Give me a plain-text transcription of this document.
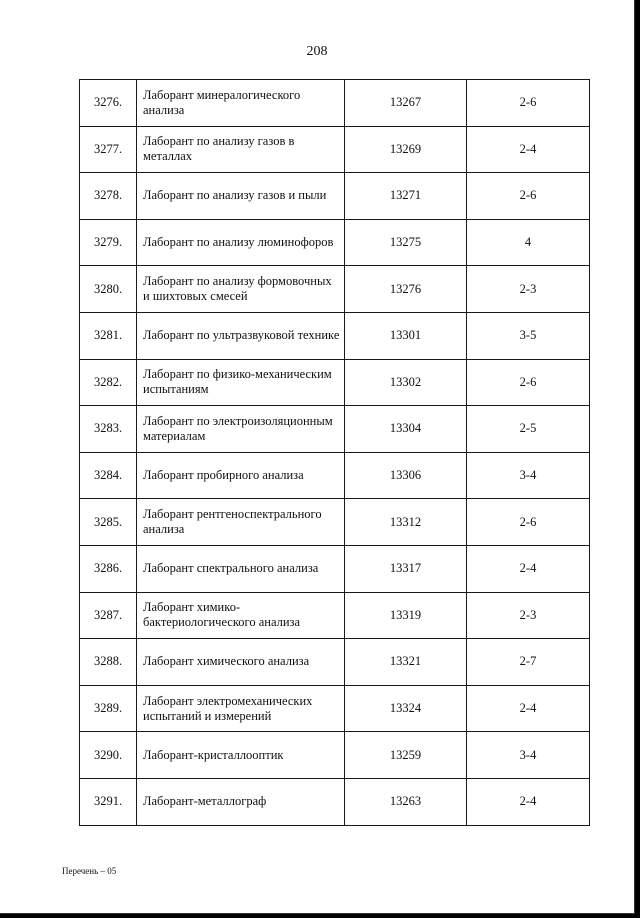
208
3276.	Лаборант минералогического анализа	13267	2-6
3277.	Лаборант по анализу газов в металлах	13269	2-4
3278.	Лаборант по анализу газов и пыли	13271	2-6
3279.	Лаборант по анализу люминофоров	13275	4
3280.	Лаборант по анализу формовочных и шихтовых смесей	13276	2-3
3281.	Лаборант по ультразвуковой технике	13301	3-5
3282.	Лаборант по физико-механическим испытаниям	13302	2-6
3283.	Лаборант по электроизоляционным материалам	13304	2-5
3284.	Лаборант пробирного анализа	13306	3-4
3285.	Лаборант рентгеноспектрального анализа	13312	2-6
3286.	Лаборант спектрального анализа	13317	2-4
3287.	Лаборант химико-бактериологического анализа	13319	2-3
3288.	Лаборант химического анализа	13321	2-7
3289.	Лаборант электромеханических испытаний и измерений	13324	2-4
3290.	Лаборант-кристаллооптик	13259	3-4
3291.	Лаборант-металлограф	13263	2-4
Перечень – 05
